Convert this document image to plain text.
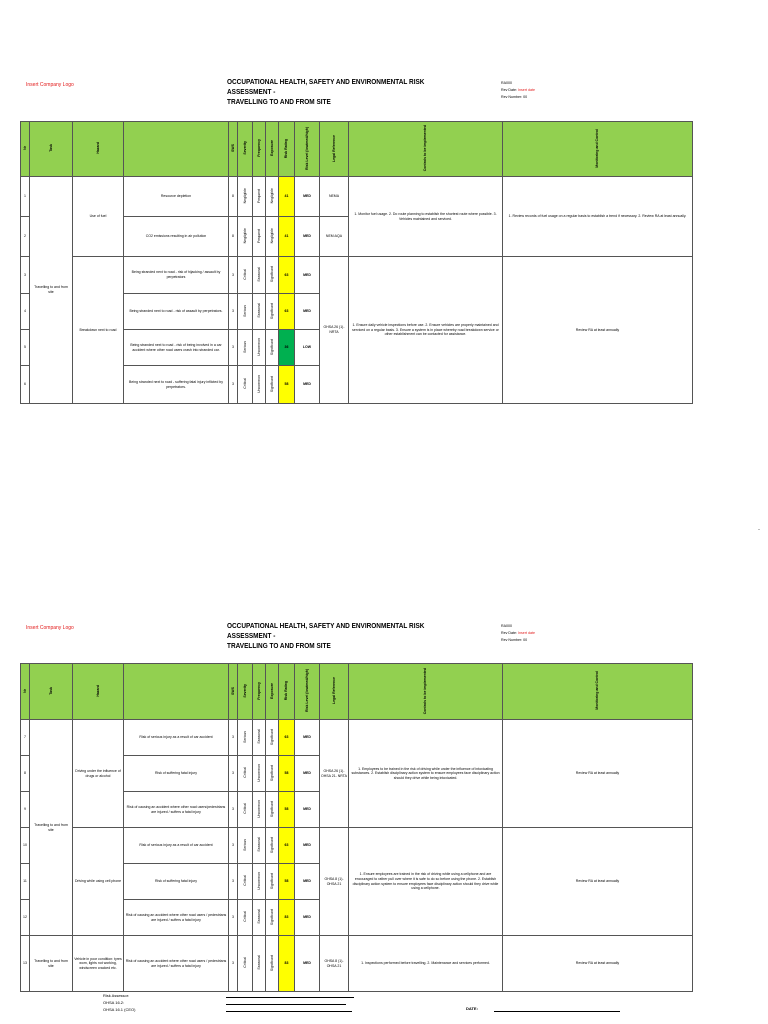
Insert Company Logo	OCCUPATIONAL HEALTH, SAFETY AND ENVIRONMENTAL RISK ASSESSMENT -
TRAVELLING TO AND FROM SITE
RA000
Rev Date: Insert date
Rev Number: 00
Nr	Task	Hazard		SWS	Severity	Frequency	Exposure	Risk Rating	Risk Level (low/med/high)	Legal Reference	Controls to be implemented	Monitoring and Control
1	Travelling to and from site	Use of fuel	Resource depletion	8	Negligible	Frequent	Negligible	41	MED	NEMA	1. Monitor fuel usage. 2. Do route planning to establish the shortest route where possible. 3. Vehicles maintained and serviced.	1. Review records of fuel usage on a regular basis to establish a trend if necessary. 2. Review RA at least annually.
2			CO2 emissions resulting in air pollution	8	Negligible	Frequent	Negligible	41	MED	NEM:AQA		
3		Breakdown next to road	Being stranded next to road - risk of hijacking / assault by perpetrators	3	Critical	Seasonal	Significant	63	MED	OHSA 26 (1)- NRTA	1. Ensure daily vehicle inspections before use. 2. Ensure vehicles are properly maintained and serviced on a regular basis. 3. Ensure a system is in place whereby road breakdown service or other establishment can be contacted for assistance.	Review RA at least annually
4			Being stranded next to road - risk of assault by perpetrators.	3	Serious	Seasonal	Significant	63	MED			
5			Being stranded next to road - risk of being involved in a car accident where other road users crash into stranded car.	3	Serious	Uncommon	Significant	36	LOW			
6			Being stranded next to road - suffering fatal injury inflicted by perpetrators.	3	Critical	Uncommon	Significant	58	MED			
-
Insert Company Logo	OCCUPATIONAL HEALTH, SAFETY AND ENVIRONMENTAL RISK ASSESSMENT -
TRAVELLING TO AND FROM SITE
RA000
Rev Date: Insert date
Rev Number: 00
Nr	Task	Hazard		SWS	Severity	Frequency	Exposure	Risk Rating	Risk Level (low/med/high)	Legal Reference	Controls to be implemented	Monitoring and Control
7	Travelling to and from site	Driving under the influence of drugs or alcohol	Risk of serious injury as a result of car accident	3	Serious	Seasonal	Significant	63	MED	OHSA 26 (1)- OHSA 21- NRTA	1. Employees to be trained in the risk of driving while under the influence of intoxicating substances. 2. Establish disciplinary action system to ensure employees face disciplinary action should they drive while being intoxicated.	Review RA at least annually
8			Risk of suffering fatal injury	3	Critical	Uncommon	Significant	58	MED			
9			Risk of causing an accident where other road users/pedestrians are injured / suffers a fatal injury	3	Critical	Uncommon	Significant	58	MED			
10		Driving while using cell phone	Risk of serious injury as a result of car accident	3	Serious	Seasonal	Significant	63	MED	OHSA 8 (1)- OHSA 21	1. Ensure employees are trained in the risk of driving while using a cellphone and are encouraged to rather pull over where it is safe to do so before using the phone. 2. Establish disciplinary action system to ensure employees face disciplinary action should they drive while using a cellphone.	Review RA at least annually
11			Risk of suffering fatal injury	3	Critical	Uncommon	Significant	58	MED			
12			Risk of causing an accident where other road users / pedestrians are injured / suffers a fatal injury	3	Critical	Seasonal	Significant	83	MED			
13	Travelling to and from site	Vehicle in poor condition: tyres worn, lights not working, windscreen cracked etc.	Risk of causing an accident where other road users / pedestrians are injured / suffers a fatal injury	3	Critical	Seasonal	Significant	83	MED	OHSA 8 (1)- OHSA 21	1. Inspections performed before travelling. 2. Maintenance and services performed.	Review RA at least annually
Risk Assessor:
OHSA 16.2:
OHSA 16.1 (CEO)	DATE:
